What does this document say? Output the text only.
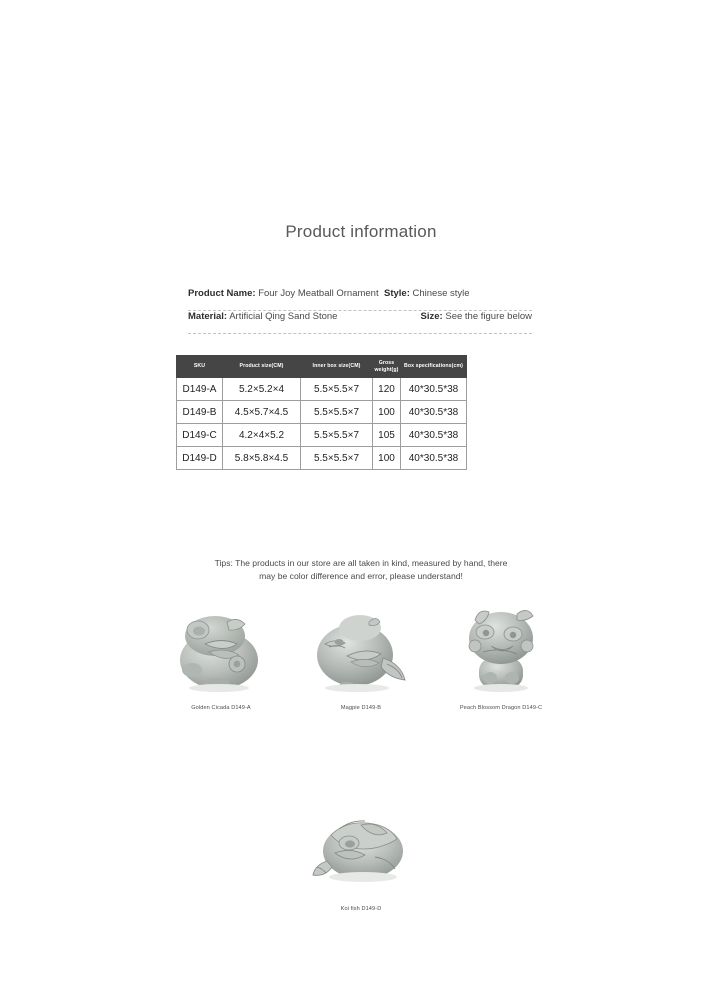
Product information
Product Name: Four Joy Meatball Ornament Style: Chinese style
Material: Artificial Qing Sand Stone	Size: See the figure below
SKU	Product size(CM)	Inner box size(CM)	Gross weight(g)	Box specifications(cm)
D149-A	5.2×5.2×4	5.5×5.5×7	120	40*30.5*38
D149-B	4.5×5.7×4.5	5.5×5.5×7	100	40*30.5*38
D149-C	4.2×4×5.2	5.5×5.5×7	105	40*30.5*38
D149-D	5.8×5.8×4.5	5.5×5.5×7	100	40*30.5*38
Tips: The products in our store are all taken in kind, measured by hand, there
may be color difference and error, please understand!
Golden Cicada D149-A	Magpie D149-B	Peach Blossom Dragon D149-C
Koi fish D149-D
